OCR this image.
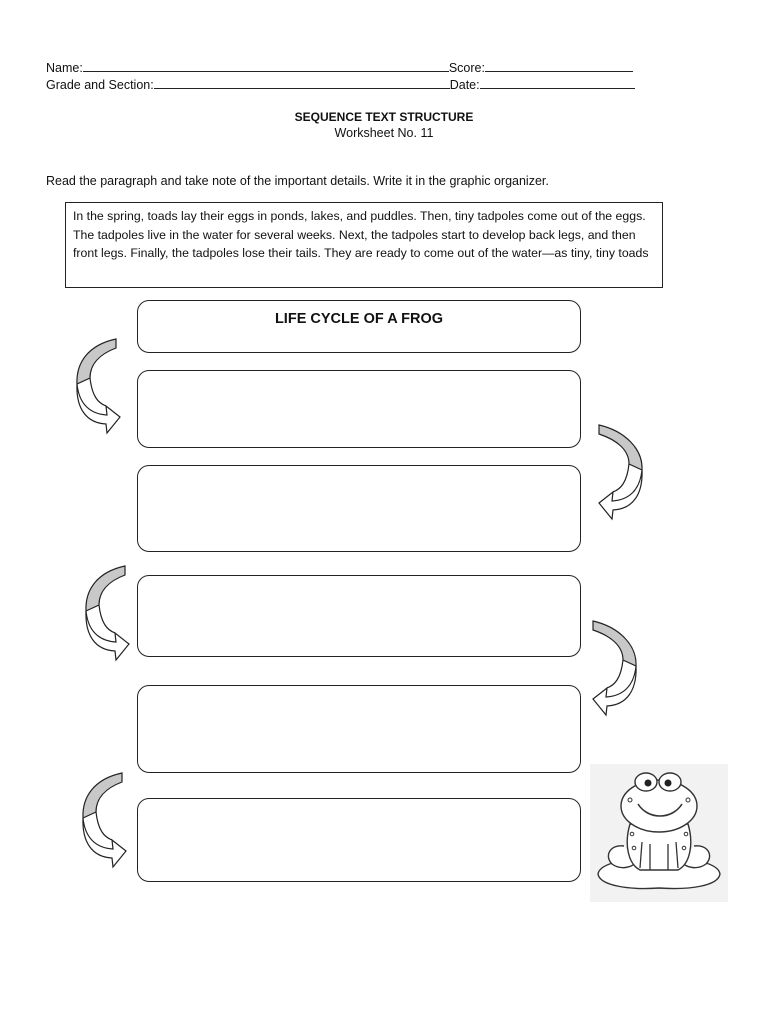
Name:	Score:
Grade and Section:	Date:
SEQUENCE TEXT STRUCTURE
Worksheet No. 11
Read the paragraph and take note of the important details. Write it in the graphic organizer.
In the spring, toads lay their eggs in ponds, lakes, and puddles. Then, tiny tadpoles come out of the eggs. The tadpoles live in the water for several weeks. Next, the tadpoles start to develop back legs, and then front legs. Finally, the tadpoles lose their tails. They are ready to come out of the water—as tiny, tiny toads
LIFE CYCLE OF A FROG
